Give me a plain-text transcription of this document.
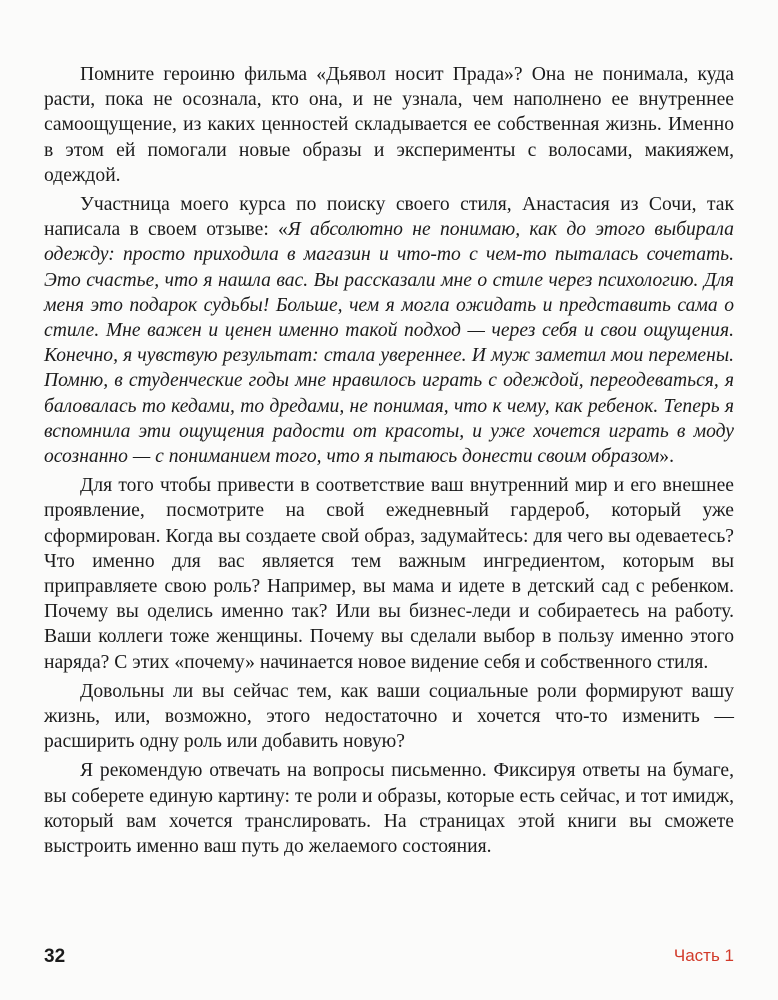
Помните героиню фильма «Дьявол носит Прада»? Она не понимала, куда расти, пока не осознала, кто она, и не узнала, чем наполнено ее внутреннее самоощущение, из каких ценностей складывается ее собственная жизнь. Именно в этом ей помогали новые образы и эксперименты с волосами, макияжем, одеждой.

Участница моего курса по поиску своего стиля, Анастасия из Сочи, так написала в своем отзыве: «Я абсолютно не понимаю, как до этого выбирала одежду: просто приходила в магазин и что-то с чем-то пыталась сочетать. Это счастье, что я нашла вас. Вы рассказали мне о стиле через психологию. Для меня это подарок судьбы! Больше, чем я могла ожидать и представить сама о стиле. Мне важен и ценен именно такой подход — через себя и свои ощущения. Конечно, я чувствую результат: стала увереннее. И муж заметил мои перемены. Помню, в студенческие годы мне нравилось играть с одеждой, переодеваться, я баловалась то кедами, то дредами, не понимая, что к чему, как ребенок. Теперь я вспомнила эти ощущения радости от красоты, и уже хочется играть в моду осознанно — с пониманием того, что я пытаюсь донести своим образом».

Для того чтобы привести в соответствие ваш внутренний мир и его внешнее проявление, посмотрите на свой ежедневный гардероб, который уже сформирован. Когда вы создаете свой образ, задумайтесь: для чего вы одеваетесь? Что именно для вас является тем важным ингредиентом, которым вы приправляете свою роль? Например, вы мама и идете в детский сад с ребенком. Почему вы оделись именно так? Или вы бизнес-леди и собираетесь на работу. Ваши коллеги тоже женщины. Почему вы сделали выбор в пользу именно этого наряда? С этих «почему» начинается новое видение себя и собственного стиля.

Довольны ли вы сейчас тем, как ваши социальные роли формируют вашу жизнь, или, возможно, этого недостаточно и хочется что-то изменить — расширить одну роль или добавить новую?

Я рекомендую отвечать на вопросы письменно. Фиксируя ответы на бумаге, вы соберете единую картину: те роли и образы, которые есть сейчас, и тот имидж, который вам хочется транслировать. На страницах этой книги вы сможете выстроить именно ваш путь до желаемого состояния.

32	Часть 1
